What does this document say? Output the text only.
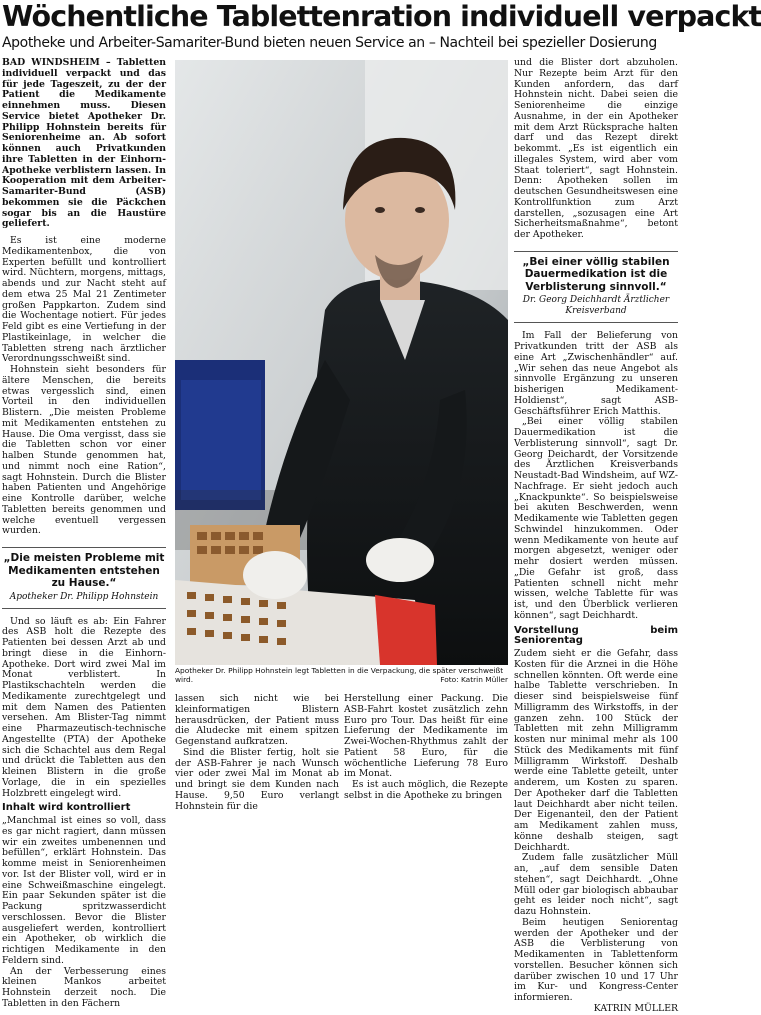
Wöchentliche Tablettenration individuell verpackt
Apotheke und Arbeiter-Samariter-Bund bieten neuen Service an – Nachteil bei spezieller Dosierung

BAD WINDSHEIM – Tabletten individuell verpackt und das für jede Tageszeit, zu der der Patient die Medikamente einnehmen muss. Diesen Service bietet Apotheker Dr. Philipp Hohnstein bereits für Seniorenheime an. Ab sofort können auch Privatkunden ihre Tabletten in der Einhorn-Apotheke verblistern lassen. In Kooperation mit dem Arbeiter-Samariter-Bund (ASB) bekommen sie die Päckchen sogar bis an die Haustüre geliefert.

Es ist eine moderne Medikamentenbox, die von Experten befüllt und kontrolliert wird. Nüchtern, morgens, mittags, abends und zur Nacht steht auf dem etwa 25 Mal 21 Zentimeter großen Pappkarton. Zudem sind die Wochentage notiert. Für jedes Feld gibt es eine Vertiefung in der Plastikeinlage, in welcher die Tabletten streng nach ärztlicher Verordnungsschweißt sind.

Hohnstein sieht besonders für ältere Menschen, die bereits etwas vergesslich sind, einen Vorteil in den individuellen Blistern. „Die meisten Probleme mit Medikamenten entstehen zu Hause. Die Oma vergisst, dass sie die Tabletten schon vor einer halben Stunde genommen hat, und nimmt noch eine Ration“, sagt Hohnstein. Durch die Blister haben Patienten und Angehörige eine Kontrolle darüber, welche Tabletten bereits genommen und welche eventuell vergessen wurden.

„Die meisten Probleme mit Medikamenten entstehen zu Hause.“
Apotheker Dr. Philipp Hohnstein

Und so läuft es ab: Ein Fahrer des ASB holt die Rezepte des Patienten bei dessen Arzt ab und bringt diese in die Einhorn-Apotheke. Dort wird zwei Mal im Monat verblistert. In Plastikschachteln werden die Medikamente zurechtgelegt und mit dem Namen des Patienten versehen. Am Blister-Tag nimmt eine Pharmazeutisch-technische Angestellte (PTA) der Apotheke sich die Schachtel aus dem Regal und drückt die Tabletten aus den kleinen Blistern in die große Vorlage, die in ein spezielles Holzbrett eingelegt wird.

Inhalt wird kontrolliert

„Manchmal ist eines so voll, dass es gar nicht ragiert, dann müssen wir ein zweites umbenennen und befüllen“, erklärt Hohnstein. Das komme meist in Seniorenheimen vor. Ist der Blister voll, wird er in eine Schweißmaschine eingelegt. Ein paar Sekunden später ist die Packung spritzwasserdicht verschlossen. Bevor die Blister ausgeliefert werden, kontrolliert ein Apotheker, ob wirklich die richtigen Medikamente in den Feldern sind.

An der Verbesserung eines kleinen Mankos arbeitet Hohnstein derzeit noch. Die Tabletten in den Fächern

Apotheker Dr. Philipp Hohnstein legt Tabletten in die Verpackung, die später verschweißt wird.	Foto: Katrin Müller

lassen sich nicht wie bei kleinformatigen Blistern herausdrücken, der Patient muss die Aludecke mit einem spitzen Gegenstand aufkratzen.

Sind die Blister fertig, holt sie der ASB-Fahrer je nach Wunsch vier oder zwei Mal im Monat ab und bringt sie dem Kunden nach Hause. 9,50 Euro verlangt Hohnstein für die

Herstellung einer Packung. Die ASB-Fahrt kostet zusätzlich zehn Euro pro Tour. Das heißt für eine Lieferung der Medikamente im Zwei-Wochen-Rhythmus zahlt der Patient 58 Euro, für die wöchentliche Lieferung 78 Euro im Monat.

Es ist auch möglich, die Rezepte selbst in die Apotheke zu bringen

und die Blister dort abzuholen. Nur Rezepte beim Arzt für den Kunden anfordern, das darf Hohnstein nicht. Dabei seien die Seniorenheime die einzige Ausnahme, in der ein Apotheker mit dem Arzt Rücksprache halten darf und das Rezept direkt bekommt. „Es ist eigentlich ein illegales System, wird aber vom Staat toleriert“, sagt Hohnstein. Denn: Apotheken sollen im deutschen Gesundheitswesen eine Kontrollfunktion zum Arzt darstellen, „sozusagen eine Art Sicherheitsmaßnahme“, betont der Apotheker.

„Bei einer völlig stabilen Dauermedikation ist die Verblisterung sinnvoll.“
Dr. Georg Deichhardt Ärztlicher Kreisverband

Im Fall der Belieferung von Privatkunden tritt der ASB als eine Art „Zwischenhändler“ auf. „Wir sehen das neue Angebot als sinnvolle Ergänzung zu unseren bisherigen Medikament-Holdienst“, sagt ASB-Geschäftsführer Erich Matthis.

„Bei einer völlig stabilen Dauermedikation ist die Verblisterung sinnvoll“, sagt Dr. Georg Deichardt, der Vorsitzende des Ärztlichen Kreisverbands Neustadt-Bad Windsheim, auf WZ-Nachfrage. Er sieht jedoch auch „Knackpunkte“. So beispielsweise bei akuten Beschwerden, wenn Medikamente wie Tabletten gegen Schwindel hinzukommen. Oder wenn Medikamente von heute auf morgen abgesetzt, weniger oder mehr dosiert werden müssen. „Die Gefahr ist groß, dass Patienten schnell nicht mehr wissen, welche Tablette für was ist, und den Überblick verlieren können“, sagt Deichhardt.

Vorstellung beim Seniorentag

Zudem sieht er die Gefahr, dass Kosten für die Arznei in die Höhe schnellen könnten. Oft werde eine halbe Tablette verschrieben. In dieser sind beispielsweise fünf Milligramm des Wirkstoffs, in der ganzen zehn. 100 Stück der Tabletten mit zehn Milligramm kosten nur minimal mehr als 100 Stück des Medikaments mit fünf Milligramm Wirkstoff. Deshalb werde eine Tablette geteilt, unter anderem, um Kosten zu sparen. Der Apotheker darf die Tabletten laut Deichhardt aber nicht teilen. Der Eigenanteil, den der Patient am Medikament zahlen muss, könne deshalb steigen, sagt Deichhardt.

Zudem falle zusätzlicher Müll an, „auf dem sensible Daten stehen“, sagt Deichhardt. „Ohne Müll oder gar biologisch abbaubar geht es leider noch nicht“, sagt dazu Hohnstein.

Beim heutigen Seniorentag werden der Apotheker und der ASB die Verblisterung von Medikamenten in Tablettenform vorstellen. Besucher können sich darüber zwischen 10 und 17 Uhr im Kur- und Kongress-Center informieren.

KATRIN MÜLLER
